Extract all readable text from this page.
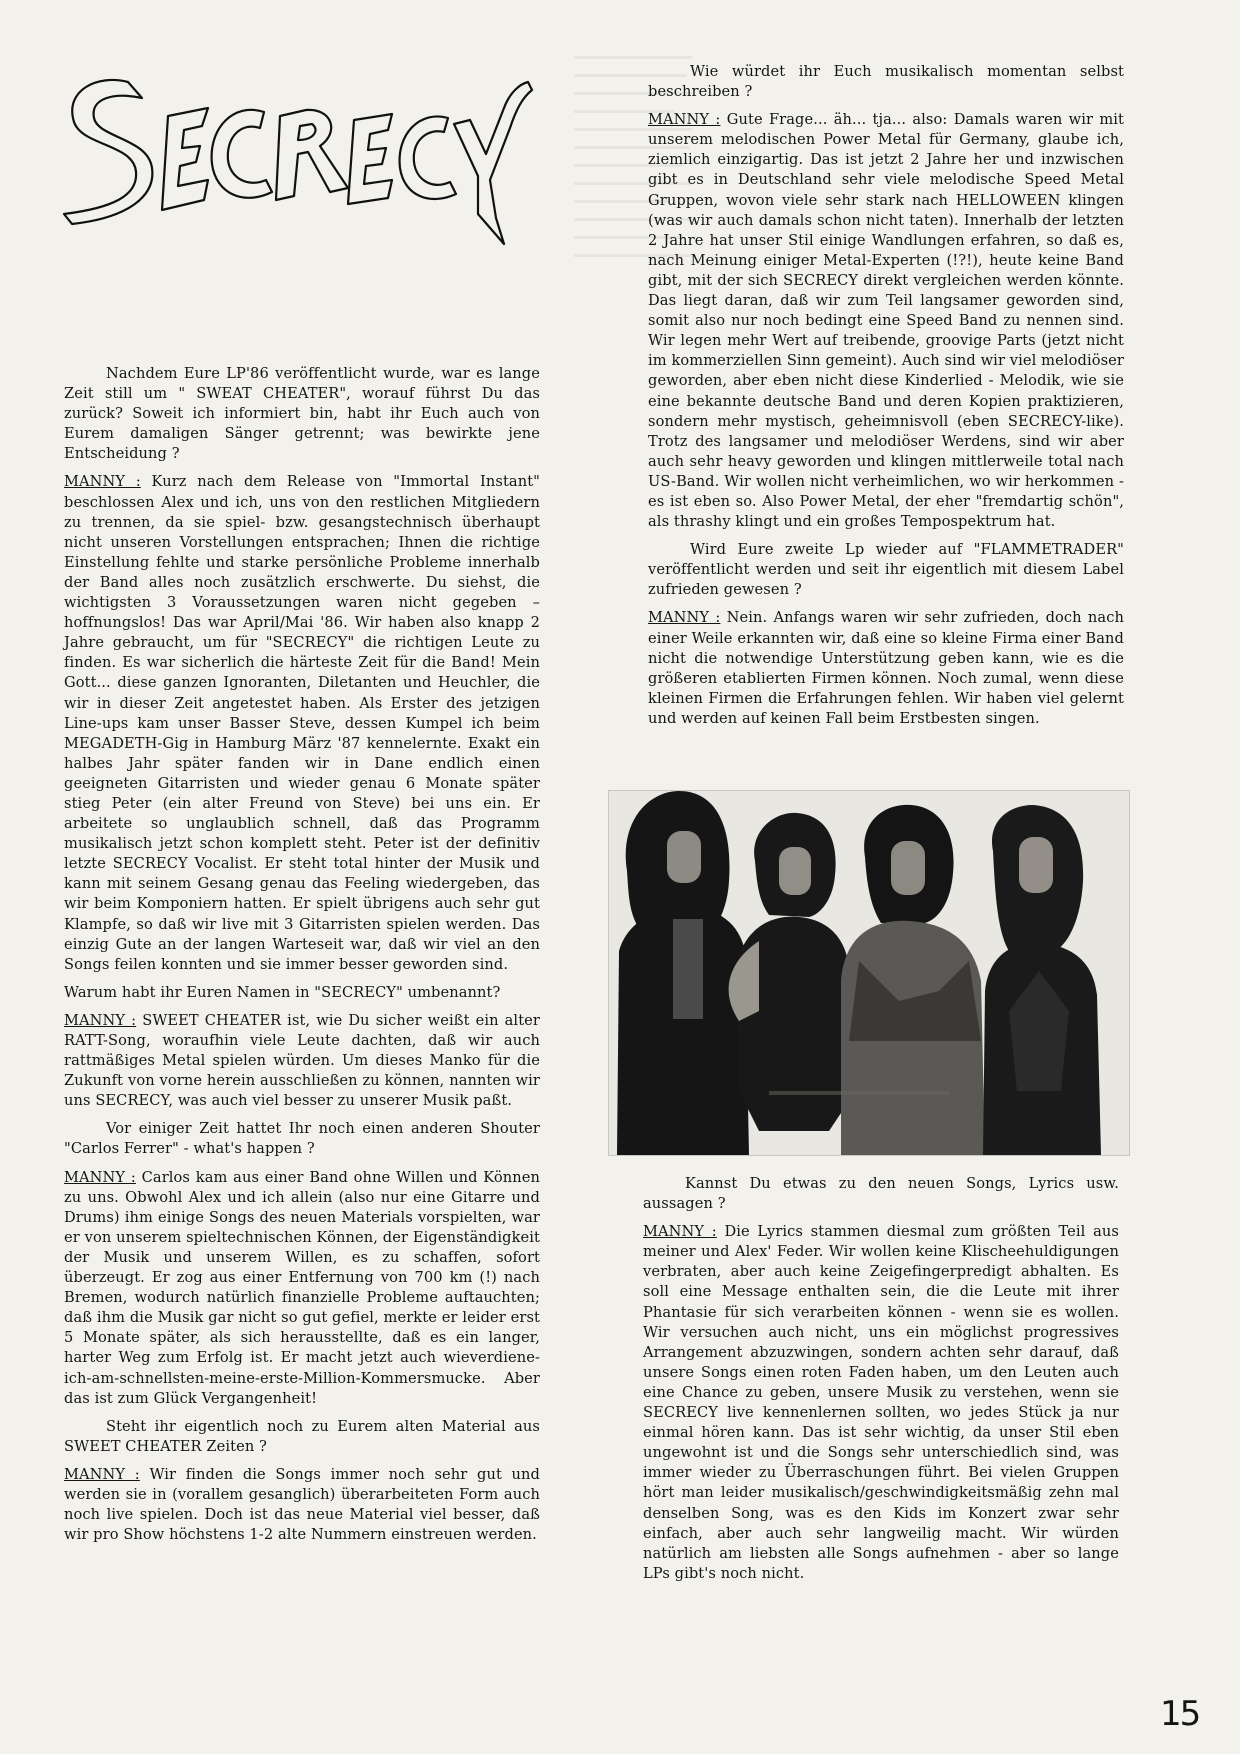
Nachdem Eure LP'86 veröffentlicht wurde, war es lange Zeit still um " SWEAT CHEATER", worauf führst Du das zurück? Soweit ich informiert bin, habt ihr Euch auch von Eurem damaligen Sänger getrennt; was bewirkte jene Entscheidung ?

MANNY : Kurz nach dem Release von "Immortal Instant" beschlossen Alex und ich, uns von den restlichen Mitgliedern zu trennen, da sie spiel- bzw. gesangstechnisch überhaupt nicht unseren Vorstellungen entsprachen; Ihnen die richtige Einstellung fehlte und starke persönliche Probleme innerhalb der Band alles noch zusätzlich erschwerte. Du siehst, die wichtigsten 3 Voraussetzungen waren nicht gegeben – hoffnungslos! Das war April/Mai '86. Wir haben also knapp 2 Jahre gebraucht, um für "SECRECY" die richtigen Leute zu finden. Es war sicherlich die härteste Zeit für die Band! Mein Gott... diese ganzen Ignoranten, Diletanten und Heuchler, die wir in dieser Zeit angetestet haben. Als Erster des jetzigen Line-ups kam unser Basser Steve, dessen Kumpel ich beim MEGADETH-Gig in Hamburg März '87 kennelernte. Exakt ein halbes Jahr später fanden wir in Dane endlich einen geeigneten Gitarristen und wieder genau 6 Monate später stieg Peter (ein alter Freund von Steve) bei uns ein. Er arbeitete so unglaublich schnell, daß das Programm musikalisch jetzt schon komplett steht. Peter ist der definitiv letzte SECRECY Vocalist. Er steht total hinter der Musik und kann mit seinem Gesang genau das Feeling wiedergeben, das wir beim Komponiern hatten. Er spielt übrigens auch sehr gut Klampfe, so daß wir live mit 3 Gitarristen spielen werden. Das einzig Gute an der langen Warteseit war, daß wir viel an den Songs feilen konnten und sie immer besser geworden sind.

Warum habt ihr Euren Namen in "SECRECY" umbenannt?

MANNY : SWEET CHEATER ist, wie Du sicher weißt ein alter RATT-Song, woraufhin viele Leute dachten, daß wir auch rattmäßiges Metal spielen würden. Um dieses Manko für die Zukunft von vorne herein ausschließen zu können, nannten wir uns SECRECY, was auch viel besser zu unserer Musik paßt.

Vor einiger Zeit hattet Ihr noch einen anderen Shouter "Carlos Ferrer" - what's happen ?

MANNY : Carlos kam aus einer Band ohne Willen und Können zu uns. Obwohl Alex und ich allein (also nur eine Gitarre und Drums) ihm einige Songs des neuen Materials vorspielten, war er von unserem spieltechnischen Können, der Eigenständigkeit der Musik und unserem Willen, es zu schaffen, sofort überzeugt. Er zog aus einer Entfernung von 700 km (!) nach Bremen, wodurch natürlich finanzielle Probleme auftauchten; daß ihm die Musik gar nicht so gut gefiel, merkte er leider erst 5 Monate später, als sich herausstellte, daß es ein langer, harter Weg zum Erfolg ist. Er macht jetzt auch wieverdiene-ich-am-schnellsten-meine-erste-Million-Kommersmucke. Aber das ist zum Glück Vergangenheit!

Steht ihr eigentlich noch zu Eurem alten Material aus SWEET CHEATER Zeiten ?

MANNY : Wir finden die Songs immer noch sehr gut und werden sie in (vorallem gesanglich) überarbeiteten Form auch noch live spielen. Doch ist das neue Material viel besser, daß wir pro Show höchstens 1-2 alte Nummern einstreuen werden.

Wie würdet ihr Euch musikalisch momentan selbst beschreiben ?

MANNY : Gute Frage... äh... tja... also: Damals waren wir mit unserem melodischen Power Metal für Germany, glaube ich, ziemlich einzigartig. Das ist jetzt 2 Jahre her und inzwischen gibt es in Deutschland sehr viele melodische Speed Metal Gruppen, wovon viele sehr stark nach HELLOWEEN klingen (was wir auch damals schon nicht taten). Innerhalb der letzten 2 Jahre hat unser Stil einige Wandlungen erfahren, so daß es, nach Meinung einiger Metal-Experten (!?!), heute keine Band gibt, mit der sich SECRECY direkt vergleichen werden könnte. Das liegt daran, daß wir zum Teil langsamer geworden sind, somit also nur noch bedingt eine Speed Band zu nennen sind. Wir legen mehr Wert auf treibende, groovige Parts (jetzt nicht im kommerziellen Sinn gemeint). Auch sind wir viel melodiöser geworden, aber eben nicht diese Kinderlied - Melodik, wie sie eine bekannte deutsche Band und deren Kopien praktizieren, sondern mehr mystisch, geheimnisvoll (eben SECRECY-like). Trotz des langsamer und melodiöser Werdens, sind wir aber auch sehr heavy geworden und klingen mittlerweile total nach US-Band. Wir wollen nicht verheimlichen, wo wir herkommen - es ist eben so. Also Power Metal, der eher "fremdartig schön", als thrashy klingt und ein großes Tempospektrum hat.

Wird Eure zweite Lp wieder auf "FLAMMETRADER" veröffentlicht werden und seit ihr eigentlich mit diesem Label zufrieden gewesen ?

MANNY : Nein. Anfangs waren wir sehr zufrieden, doch nach einer Weile erkannten wir, daß eine so kleine Firma einer Band nicht die notwendige Unterstützung geben kann, wie es die größeren etablierten Firmen können. Noch zumal, wenn diese kleinen Firmen die Erfahrungen fehlen. Wir haben viel gelernt und werden auf keinen Fall beim Erstbesten singen.

Kannst Du etwas zu den neuen Songs, Lyrics usw. aussagen ?

MANNY : Die Lyrics stammen diesmal zum größten Teil aus meiner und Alex' Feder. Wir wollen keine Klischeehuldigungen verbraten, aber auch keine Zeigefingerpredigt abhalten. Es soll eine Message enthalten sein, die die Leute mit ihrer Phantasie für sich verarbeiten können - wenn sie es wollen. Wir versuchen auch nicht, uns ein möglichst progressives Arrangement abzuzwingen, sondern achten sehr darauf, daß unsere Songs einen roten Faden haben, um den Leuten auch eine Chance zu geben, unsere Musik zu verstehen, wenn sie SECRECY live kennenlernen sollten, wo jedes Stück ja nur einmal hören kann. Das ist sehr wichtig, da unser Stil eben ungewohnt ist und die Songs sehr unterschiedlich sind, was immer wieder zu Überraschungen führt. Bei vielen Gruppen hört man leider musikalisch/geschwindigkeitsmäßig zehn mal denselben Song, was es den Kids im Konzert zwar sehr einfach, aber auch sehr langweilig macht. Wir würden natürlich am liebsten alle Songs aufnehmen - aber so lange LPs gibt's noch nicht.

15
